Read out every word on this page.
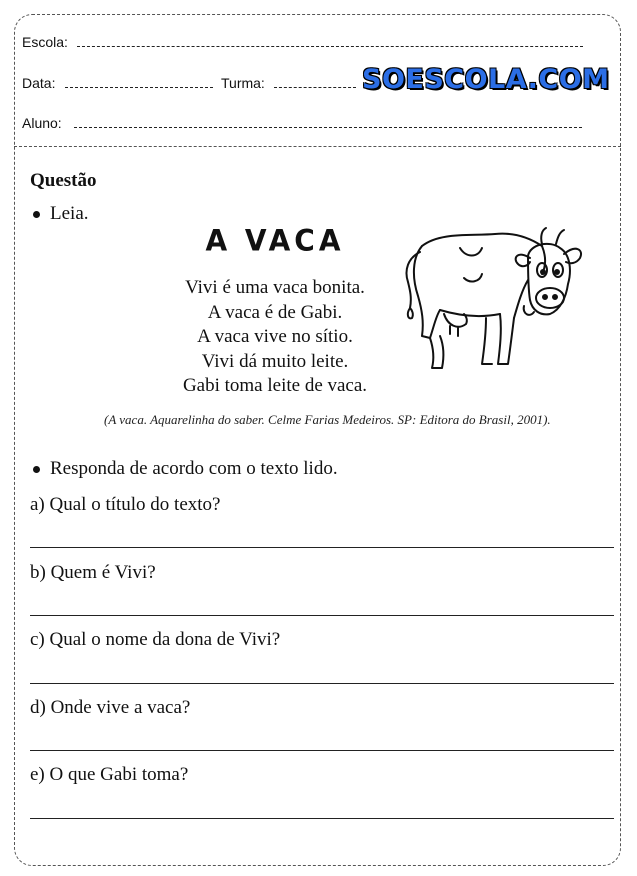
Escola:
Data:	Turma:	SOESCOLA.COM
Aluno:
Questão
Leia.
A VACA
Vivi é uma vaca bonita.
A vaca é de Gabi.
A vaca vive no sítio.
Vivi dá muito leite.
Gabi toma leite de vaca.
(A vaca. Aquarelinha do saber. Celme Farias Medeiros. SP: Editora do Brasil, 2001).
Responda de acordo com o texto lido.
a) Qual o título do texto?
b) Quem é Vivi?
c) Qual o nome da dona de Vivi?
d) Onde vive a vaca?
e) O que Gabi toma?
